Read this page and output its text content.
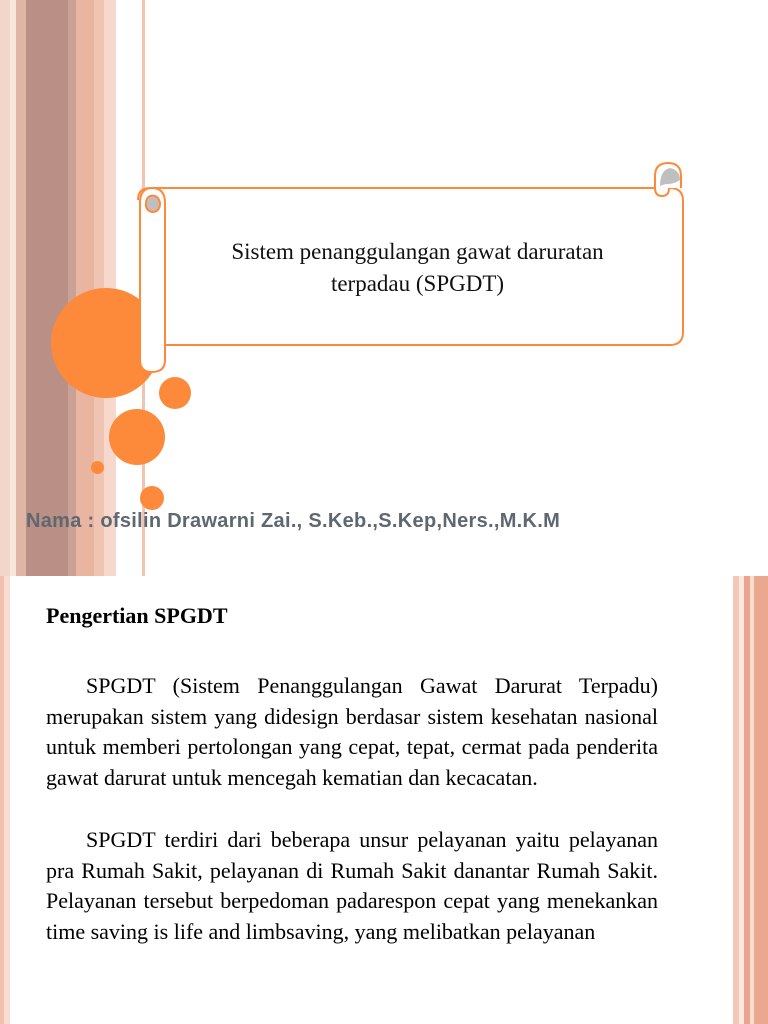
Sistem penanggulangan gawat daruratan
terpadau (SPGDT)
Nama : ofsilin Drawarni Zai., S.Keb.,S.Kep,Ners.,M.K.M
Pengertian SPGDT

SPGDT (Sistem Penanggulangan Gawat Darurat Terpadu) merupakan sistem yang didesign berdasar sistem kesehatan nasional untuk memberi pertolongan yang cepat, tepat, cermat pada penderita gawat darurat untuk mencegah kematian dan kecacatan.

SPGDT terdiri dari beberapa unsur pelayanan yaitu pelayanan pra Rumah Sakit, pelayanan di Rumah Sakit danantar Rumah Sakit. Pelayanan tersebut berpedoman padarespon cepat yang menekankan time saving is life and limbsaving, yang melibatkan pelayanan
